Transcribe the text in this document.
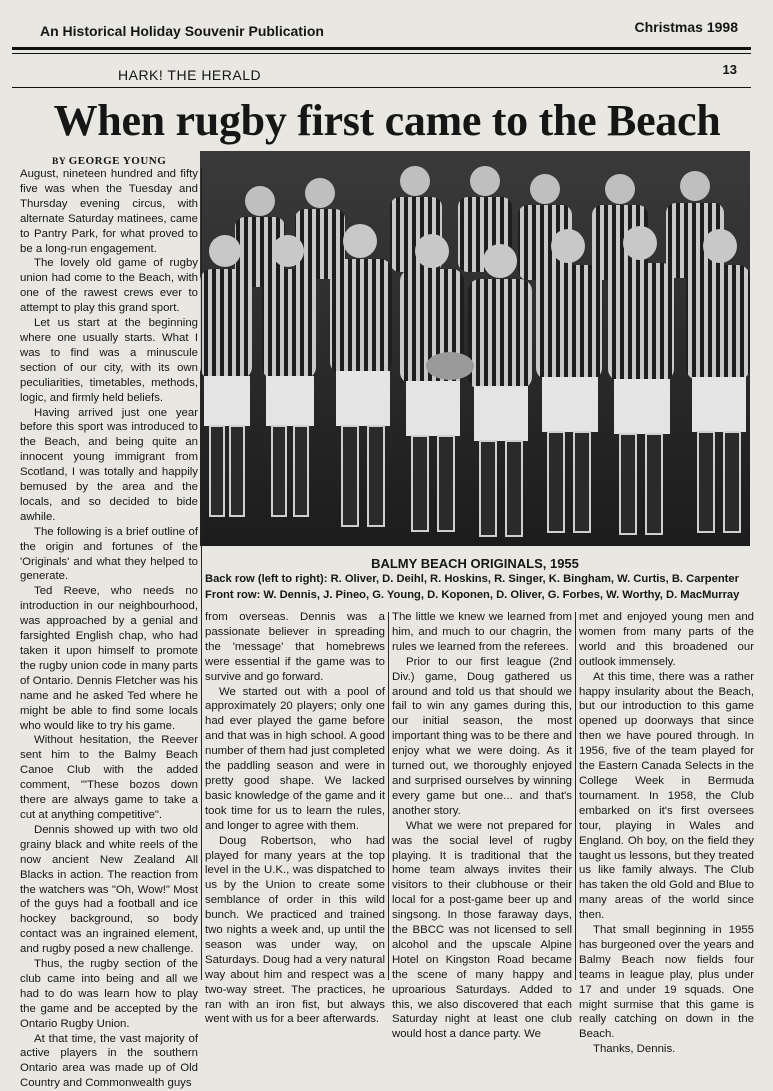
An Historical Holiday Souvenir Publication	Christmas 1998
HARK! THE HERALD	13
When rugby first came to the Beach
BY GEORGE YOUNG

August, nineteen hundred and fifty five was when the Tuesday and Thursday evening circus, with alternate Saturday matinees, came to Pantry Park, for what proved to be a long-run engagement.

The lovely old game of rugby union had come to the Beach, with one of the rawest crews ever to attempt to play this grand sport.

Let us start at the beginning where one usually starts. What I was to find was a minuscule section of our city, with its own peculiarities, timetables, methods, logic, and firmly held beliefs.

Having arrived just one year before this sport was introduced to the Beach, and being quite an innocent young immigrant from Scotland, I was totally and happily bemused by the area and the locals, and so decided to bide awhile.

The following is a brief outline of the origin and fortunes of the 'Originals' and what they helped to generate.

Ted Reeve, who needs no introduction in our neighbourhood, was approached by a genial and farsighted English chap, who had taken it upon himself to promote the rugby union code in many parts of Ontario. Dennis Fletcher was his name and he asked Ted where he might be able to find some locals who would like to try his game.

Without hesitation, the Reever sent him to the Balmy Beach Canoe Club with the added comment, "'These bozos down there are always game to take a cut at anything competitive".

Dennis showed up with two old grainy black and white reels of the now ancient New Zealand All Blacks in action. The reaction from the watchers was "Oh, Wow!" Most of the guys had a football and ice hockey background, so body contact was an ingrained element, and rugby posed a new challenge.

Thus, the rugby section of the club came into being and all we had to do was learn how to play the game and be accepted by the Ontario Rugby Union.

At that time, the vast majority of active players in the southern Ontario area was made up of Old Country and Commonwealth guys

BALMY BEACH ORIGINALS, 1955
Back row (left to right): R. Oliver, D. Deihl, R. Hoskins, R. Singer, K. Bingham, W. Curtis, B. Carpenter
Front row: W. Dennis, J. Pineo, G. Young, D. Koponen, D. Oliver, G. Forbes, W. Worthy, D. MacMurray

from overseas. Dennis was a passionate believer in spreading the 'message' that homebrews were essential if the game was to survive and go forward.

We started out with a pool of approximately 20 players; only one had ever played the game before and that was in high school. A good number of them had just completed the paddling season and were in pretty good shape. We lacked basic knowledge of the game and it took time for us to learn the rules, and longer to agree with them.

Doug Robertson, who had played for many years at the top level in the U.K., was dispatched to us by the Union to create some semblance of order in this wild bunch. We practiced and trained two nights a week and, up until the season was under way, on Saturdays. Doug had a very natural way about him and respect was a two-way street. The practices, he ran with an iron fist, but always went with us for a beer afterwards.

The little we knew we learned from him, and much to our chagrin, the rules we learned from the referees.

Prior to our first league (2nd Div.) game, Doug gathered us around and told us that should we fail to win any games during this, our initial season, the most important thing was to be there and enjoy what we were doing. As it turned out, we thoroughly enjoyed and surprised ourselves by winning every game but one... and that's another story.

What we were not prepared for was the social level of rugby playing. It is traditional that the home team always invites their visitors to their clubhouse or their local for a post-game beer up and singsong. In those faraway days, the BBCC was not licensed to sell alcohol and the upscale Alpine Hotel on Kingston Road became the scene of many happy and uproarious Saturdays. Added to this, we also discovered that each Saturday night at least one club would host a dance party. We

met and enjoyed young men and women from many parts of the world and this broadened our outlook immensely.

At this time, there was a rather happy insularity about the Beach, but our introduction to this game opened up doorways that since then we have poured through. In 1956, five of the team played for the Eastern Canada Selects in the College Week in Bermuda tournament. In 1958, the Club embarked on it's first oversees tour, playing in Wales and England. Oh boy, on the field they taught us lessons, but they treated us like family always. The Club has taken the old Gold and Blue to many areas of the world since then.

That small beginning in 1955 has burgeoned over the years and Balmy Beach now fields four teams in league play, plus under 17 and under 19 squads. One might surmise that this game is really catching on down in the Beach.

Thanks, Dennis.
